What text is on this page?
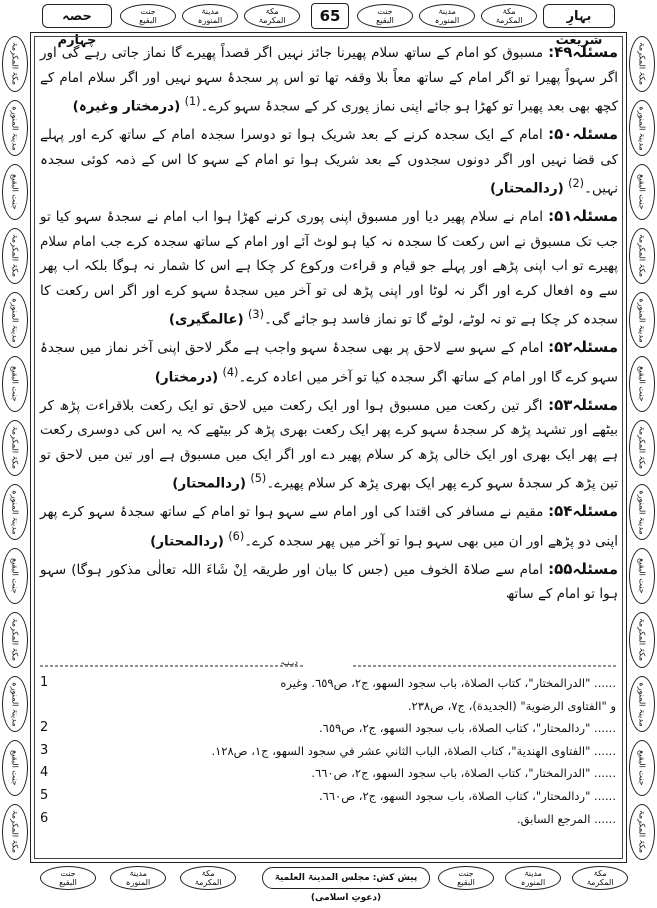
حصہ چہارم
جنت
البقیع
مدینۃ
المنورہ
مکۃ
المکرمۃ	65	جنت
البقیع
مدینۃ
المنورہ
مکۃ
المکرمۃ	بہارِ شریعت
مکۃ المکرمۃ
مدینۃ المنورہ
جنت البقیع
مکۃ المکرمۃ
مدینۃ المنورہ
جنت البقیع
مکۃ المکرمۃ
مدینۃ المنورہ
جنت البقیع
مکۃ المکرمۃ
مدینۃ المنورہ
جنت البقیع
مکۃ المکرمۃ
مکۃ المکرمۃ
مدینۃ المنورہ
جنت البقیع
مکۃ المکرمۃ
مدینۃ المنورہ
جنت البقیع
مکۃ المکرمۃ
مدینۃ المنورہ
جنت البقیع
مکۃ المکرمۃ
مدینۃ المنورہ
جنت البقیع
مکۃ المکرمۃ

مسئلہ۴۹: مسبوق کو امام کے ساتھ سلام پھیرنا جائز نہیں اگر قصداً پھیرے گا نماز جاتی رہے گی اور اگر سہواً پھیرا تو اگر امام کے ساتھ معاً بلا وقفہ تھا تو اس پر سجدۂ سہو نہیں اور اگر سلام امام کے کچھ بھی بعد پھیرا تو کھڑا ہو جائے اپنی نماز پوری کر کے سجدۂ سہو کرے۔$^{(1)}$ (درمختار وغیرہ)

مسئلہ۵۰: امام کے ایک سجدہ کرنے کے بعد شریک ہوا تو دوسرا سجدہ امام کے ساتھ کرے اور پہلے کی قضا نہیں اور اگر دونوں سجدوں کے بعد شریک ہوا تو امام کے سہو کا اس کے ذمہ کوئی سجدہ نہیں۔$^{(2)}$ (ردالمحتار)

مسئلہ۵۱: امام نے سلام پھیر دیا اور مسبوق اپنی پوری کرنے کھڑا ہوا اب امام نے سجدۂ سہو کیا تو جب تک مسبوق نے اس رکعت کا سجدہ نہ کیا ہو لوٹ آئے اور امام کے ساتھ سجدہ کرے جب امام سلام پھیرے تو اب اپنی پڑھے اور پہلے جو قیام و قراءت ورکوع کر چکا ہے اس کا شمار نہ ہوگا بلکہ اب پھر سے وہ افعال کرے اور اگر نہ لوٹا اور اپنی پڑھ لی تو آخر میں سجدۂ سہو کرے اور اگر اس رکعت کا سجدہ کر چکا ہے تو نہ لوٹے، لوٹے گا تو نماز فاسد ہو جائے گی۔$^{(3)}$ (عالمگیری)

مسئلہ۵۲: امام کے سہو سے لاحق پر بھی سجدۂ سہو واجب ہے مگر لاحق اپنی آخر نماز میں سجدۂ سہو کرے گا اور امام کے ساتھ اگر سجدہ کیا تو آخر میں اعادہ کرے۔$^{(4)}$ (درمختار)

مسئلہ۵۳: اگر تین رکعت میں مسبوق ہوا اور ایک رکعت میں لاحق تو ایک رکعت بلاقراءت پڑھ کر بیٹھے اور تشہد پڑھ کر سجدۂ سہو کرے پھر ایک رکعت بھری پڑھ کر بیٹھے کہ یہ اس کی دوسری رکعت ہے پھر ایک بھری اور ایک خالی پڑھ کر سلام پھیر دے اور اگر ایک میں مسبوق ہے اور تین میں لاحق تو تین پڑھ کر سجدۂ سہو کرے پھر ایک بھری پڑھ کر سلام پھیرے۔$^{(5)}$ (ردالمحتار)

مسئلہ۵۴: مقیم نے مسافر کی اقتدا کی اور امام سے سہو ہوا تو امام کے ساتھ سجدۂ سہو کرے پھر اپنی دو پڑھے اور ان میں بھی سہو ہوا تو آخر میں پھر سجدہ کرے۔$^{(6)}$ (ردالمحتار)

مسئلہ۵۵: امام سے صلاۃ الخوف میں (جس کا بیان اور طریقہ اِنْ شَاءَ اللہ تعالٰی مذکور ہوگا) سہو ہوا تو امام کے ساتھ

دیـنـہ
1	...... "الدرالمختار"، كتاب الصلاة، باب سجود السهو، ج٢، ص٦٥٩. وغيره
و "الفتاوى الرضوية" (الجديدة)، ج٧، ص٢٣٨.
2	...... "ردالمحتار"، كتاب الصلاة، باب سجود السهو، ج٢، ص٦٥٩.
3	...... "الفتاوى الهندية"، كتاب الصلاة، الباب الثاني عشر في سجود السهو، ج١، ص١٢٨.
4	...... "الدرالمختار"، كتاب الصلاة، باب سجود السهو، ج٢، ص٦٦٠.
5	...... "ردالمحتار"، كتاب الصلاة، باب سجود السهو، ج٢، ص٦٦٠.
6	...... المرجع السابق.
جنت
البقیع
مدینۃ
المنورہ
مکۃ
المکرمۃ	پیش کش: مجلس المدینۃ العلمیۃ (دعوتِ اسلامی)
جنت
البقیع
مدینۃ
المنورہ
مکۃ
المکرمۃ
